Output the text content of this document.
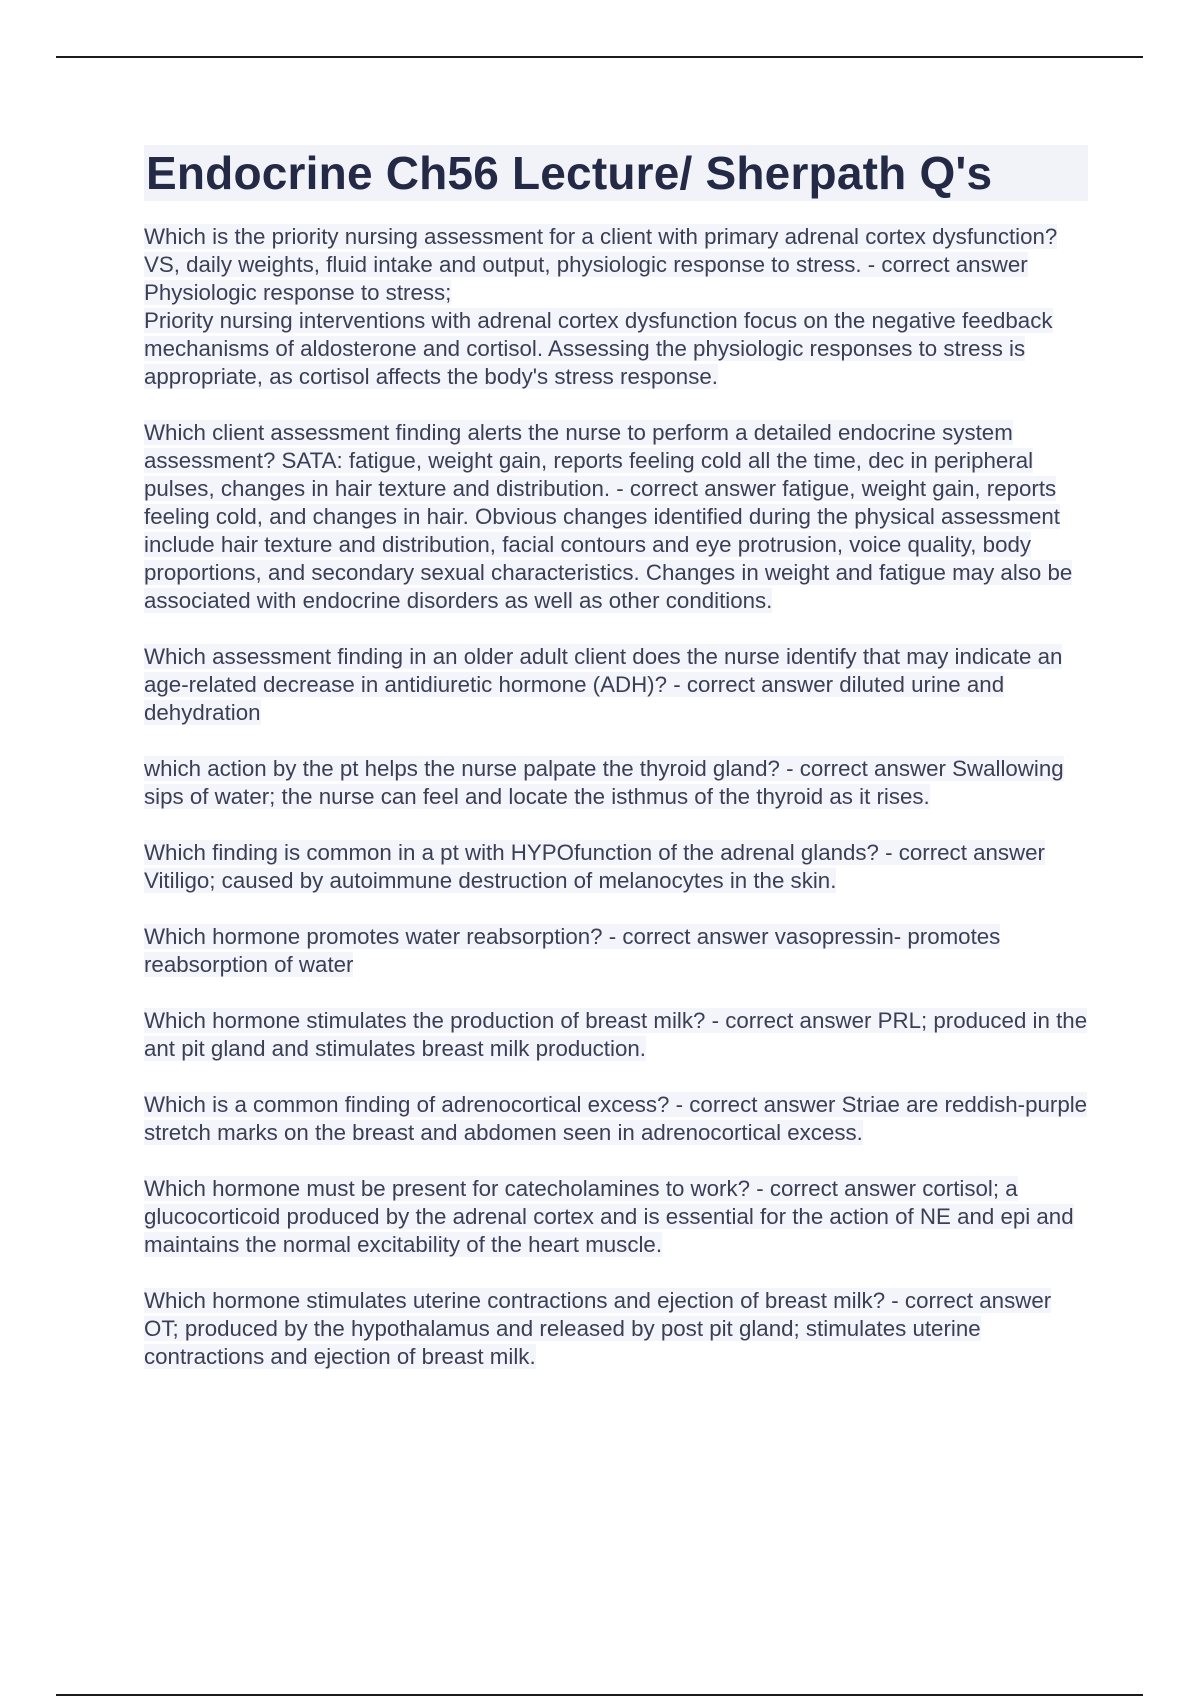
Endocrine Ch56 Lecture/ Sherpath Q's

Which is the priority nursing assessment for a client with primary adrenal cortex dysfunction? VS, daily weights, fluid intake and output, physiologic response to stress. - correct answer Physiologic response to stress;
Priority nursing interventions with adrenal cortex dysfunction focus on the negative feedback mechanisms of aldosterone and cortisol. Assessing the physiologic responses to stress is appropriate, as cortisol affects the body's stress response.

Which client assessment finding alerts the nurse to perform a detailed endocrine system assessment? SATA: fatigue, weight gain, reports feeling cold all the time, dec in peripheral pulses, changes in hair texture and distribution. - correct answer fatigue, weight gain, reports feeling cold, and changes in hair. Obvious changes identified during the physical assessment include hair texture and distribution, facial contours and eye protrusion, voice quality, body proportions, and secondary sexual characteristics. Changes in weight and fatigue may also be associated with endocrine disorders as well as other conditions.

Which assessment finding in an older adult client does the nurse identify that may indicate an age-related decrease in antidiuretic hormone (ADH)? - correct answer diluted urine and dehydration

which action by the pt helps the nurse palpate the thyroid gland? - correct answer Swallowing sips of water; the nurse can feel and locate the isthmus of the thyroid as it rises.

Which finding is common in a pt with HYPOfunction of the adrenal glands? - correct answer Vitiligo; caused by autoimmune destruction of melanocytes in the skin.

Which hormone promotes water reabsorption? - correct answer vasopressin- promotes reabsorption of water

Which hormone stimulates the production of breast milk? - correct answer PRL; produced in the ant pit gland and stimulates breast milk production.

Which is a common finding of adrenocortical excess? - correct answer Striae are reddish-purple stretch marks on the breast and abdomen seen in adrenocortical excess.

Which hormone must be present for catecholamines to work? - correct answer cortisol; a glucocorticoid produced by the adrenal cortex and is essential for the action of NE and epi and maintains the normal excitability of the heart muscle.

Which hormone stimulates uterine contractions and ejection of breast milk? - correct answer OT; produced by the hypothalamus and released by post pit gland; stimulates uterine contractions and ejection of breast milk.
